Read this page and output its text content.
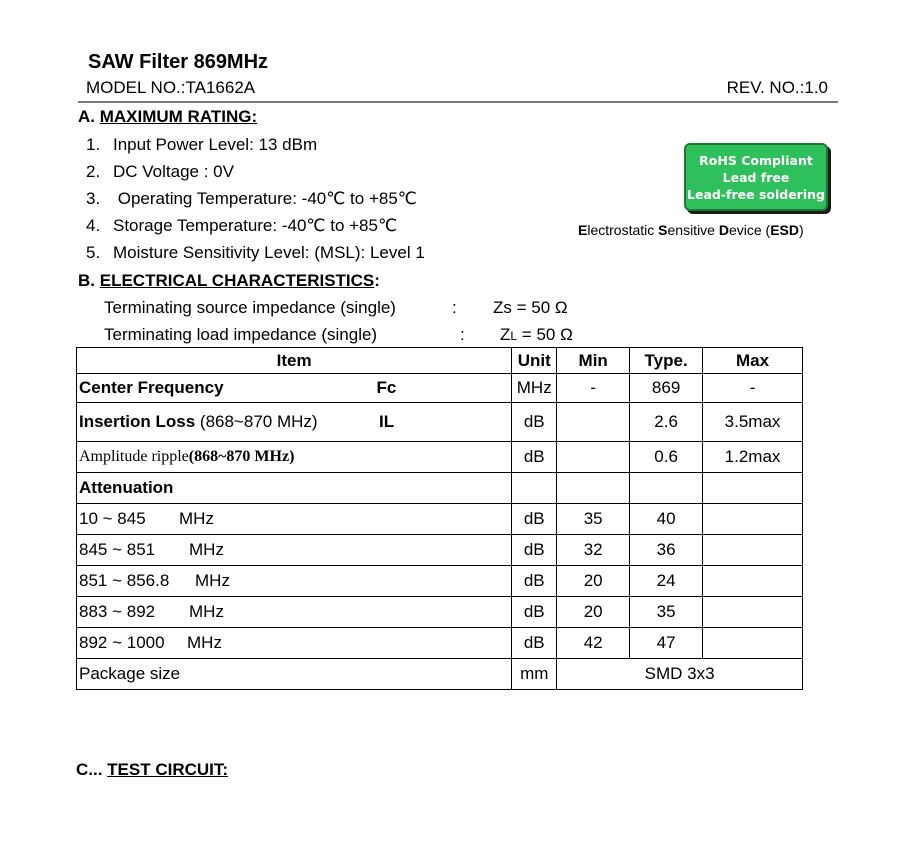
SAW Filter 869MHz
MODEL NO.:TA1662A	REV. NO.:1.0
A. MAXIMUM RATING:
1. Input Power Level: 13 dBm
2. DC Voltage : 0V
3. Operating Temperature: -40℃ to +85℃
4. Storage Temperature: -40℃ to +85℃
5. Moisture Sensitivity Level: (MSL): Level 1
RoHS Compliant
Lead free
Lead-free soldering
Electrostatic Sensitive Device (ESD)
B. ELECTRICAL CHARACTERISTICS:
Terminating source impedance (single)	: Zs = 50 Ω
Terminating load impedance (single)	: ZL = 50 Ω
Item	Unit	Min	Type.	Max
Center Frequency Fc	MHz	-	869	-
Insertion Loss (868~870 MHz) IL	dB		2.6	3.5max
Amplitude ripple(868~870 MHz)	dB		0.6	1.2max
Attenuation				
10 ~ 845 MHz	dB	35	40	
845 ~ 851 MHz	dB	32	36	
851 ~ 856.8 MHz	dB	20	24	
883 ~ 892 MHz	dB	20	35	
892 ~ 1000 MHz	dB	42	47	
Package size	mm	SMD 3x3		
C... TEST CIRCUIT:
